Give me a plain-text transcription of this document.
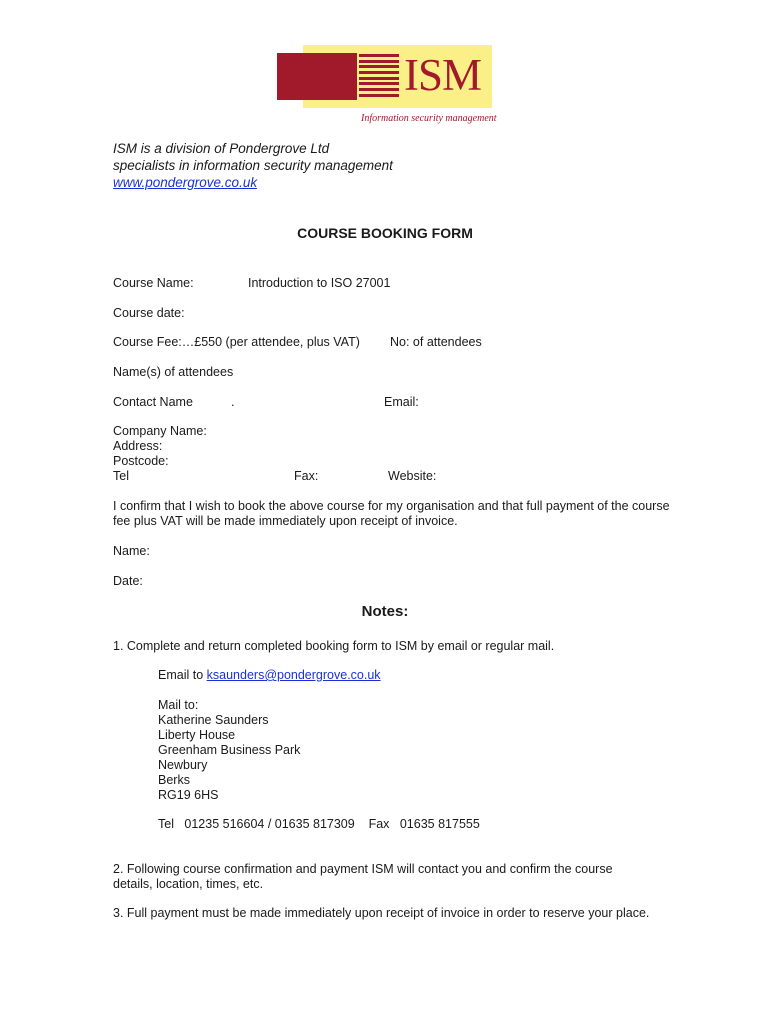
ISM
Information security management
ISM is a division of Pondergrove Ltd
specialists in information security management
www.pondergrove.co.uk
COURSE BOOKING FORM
Course Name:	Introduction to ISO 27001
Course date:
Course Fee:…£550 (per attendee, plus VAT) No: of attendees
Name(s) of attendees
Contact Name	.	Email:
Company Name:
Address:
Postcode:
Tel	Fax:	Website:
I confirm that I wish to book the above course for my organisation and that full payment of the course fee plus VAT will be made immediately upon receipt of invoice.
Name:
Date:
Notes:
1. Complete and return completed booking form to ISM by email or regular mail.
Email to ksaunders@pondergrove.co.uk
Mail to:
Katherine Saunders
Liberty House
Greenham Business Park
Newbury
Berks
RG19 6HS
Tel   01235 516604 / 01635 817309    Fax   01635 817555
2. Following course confirmation and payment ISM will contact you and confirm the course details, location, times, etc.
3. Full payment must be made immediately upon receipt of invoice in order to reserve your place.
